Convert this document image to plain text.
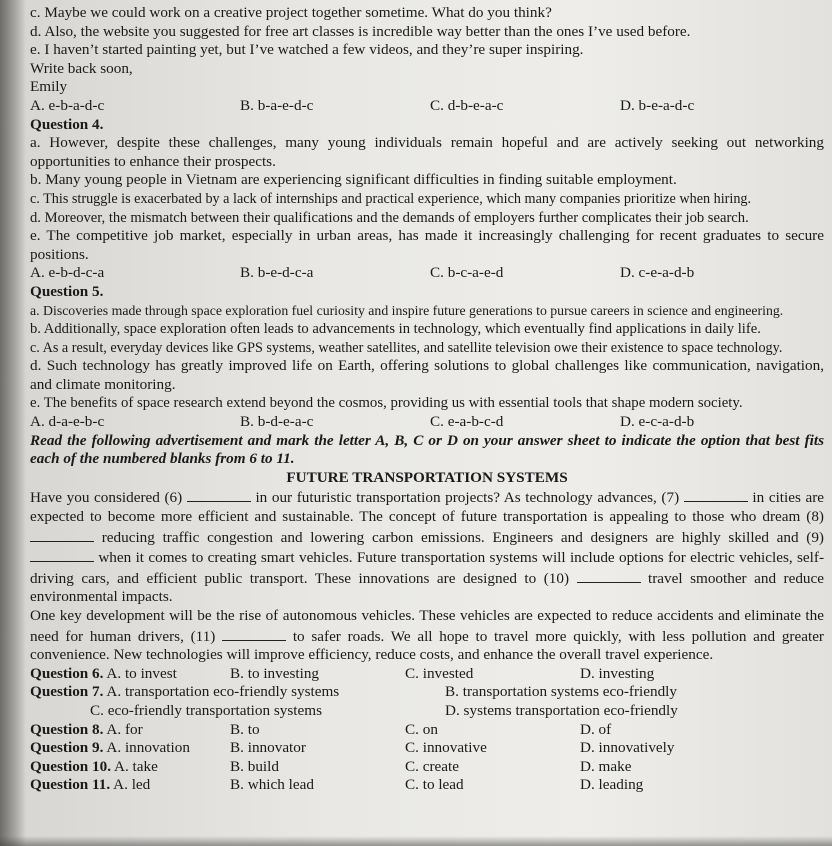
c. Maybe we could work on a creative project together sometime. What do you think?
d. Also, the website you suggested for free art classes is incredible way better than the ones I’ve used before.
e. I haven’t started painting yet, but I’ve watched a few videos, and they’re super inspiring.
Write back soon,
Emily
A. e-b-a-d-c	B. b-a-e-d-c	C. d-b-e-a-c	D. b-e-a-d-c
Question 4.
a. However, despite these challenges, many young individuals remain hopeful and are actively seeking out networking opportunities to enhance their prospects.
b. Many young people in Vietnam are experiencing significant difficulties in finding suitable employment.
c. This struggle is exacerbated by a lack of internships and practical experience, which many companies prioritize when hiring.
d. Moreover, the mismatch between their qualifications and the demands of employers further complicates their job search.
e. The competitive job market, especially in urban areas, has made it increasingly challenging for recent graduates to secure positions.
A. e-b-d-c-a	B. b-e-d-c-a	C. b-c-a-e-d	D. c-e-a-d-b
Question 5.
a. Discoveries made through space exploration fuel curiosity and inspire future generations to pursue careers in science and engineering.
b. Additionally, space exploration often leads to advancements in technology, which eventually find applications in daily life.
c. As a result, everyday devices like GPS systems, weather satellites, and satellite television owe their existence to space technology.
d. Such technology has greatly improved life on Earth, offering solutions to global challenges like communication, navigation, and climate monitoring.
e. The benefits of space research extend beyond the cosmos, providing us with essential tools that shape modern society.
A. d-a-e-b-c	B. b-d-e-a-c	C. e-a-b-c-d	D. e-c-a-d-b
Read the following advertisement and mark the letter A, B, C or D on your answer sheet to indicate the option that best fits each of the numbered blanks from 6 to 11.
FUTURE TRANSPORTATION SYSTEMS
Have you considered (6)	in our futuristic transportation projects? As technology advances, (7)	in cities are expected to become more efficient and sustainable. The concept of future transportation is appealing to those who dream (8)  reducing traffic congestion and lowering carbon emissions. Engineers and designers are highly skilled and (9)  when it comes to creating smart vehicles. Future transportation systems will include options for electric vehicles, self-driving cars, and efficient public transport. These innovations are designed to (10)	travel smoother and reduce environmental impacts.
One key development will be the rise of autonomous vehicles. These vehicles are expected to reduce accidents and eliminate the need for human drivers, (11)	to safer roads. We all hope to travel more quickly, with less pollution and greater convenience. New technologies will improve efficiency, reduce costs, and enhance the overall travel experience.
Question 6. A. to invest	B. to investing	C. invested	D. investing
Question 7. A. transportation eco-friendly systems	B. transportation systems eco-friendly
C. eco-friendly transportation systems	D. systems transportation eco-friendly
Question 8. A. for	B. to	C. on	D. of
Question 9. A. innovation	B. innovator	C. innovative	D. innovatively
Question 10. A. take	B. build	C. create	D. make
Question 11. A. led	B. which lead	C. to lead	D. leading
